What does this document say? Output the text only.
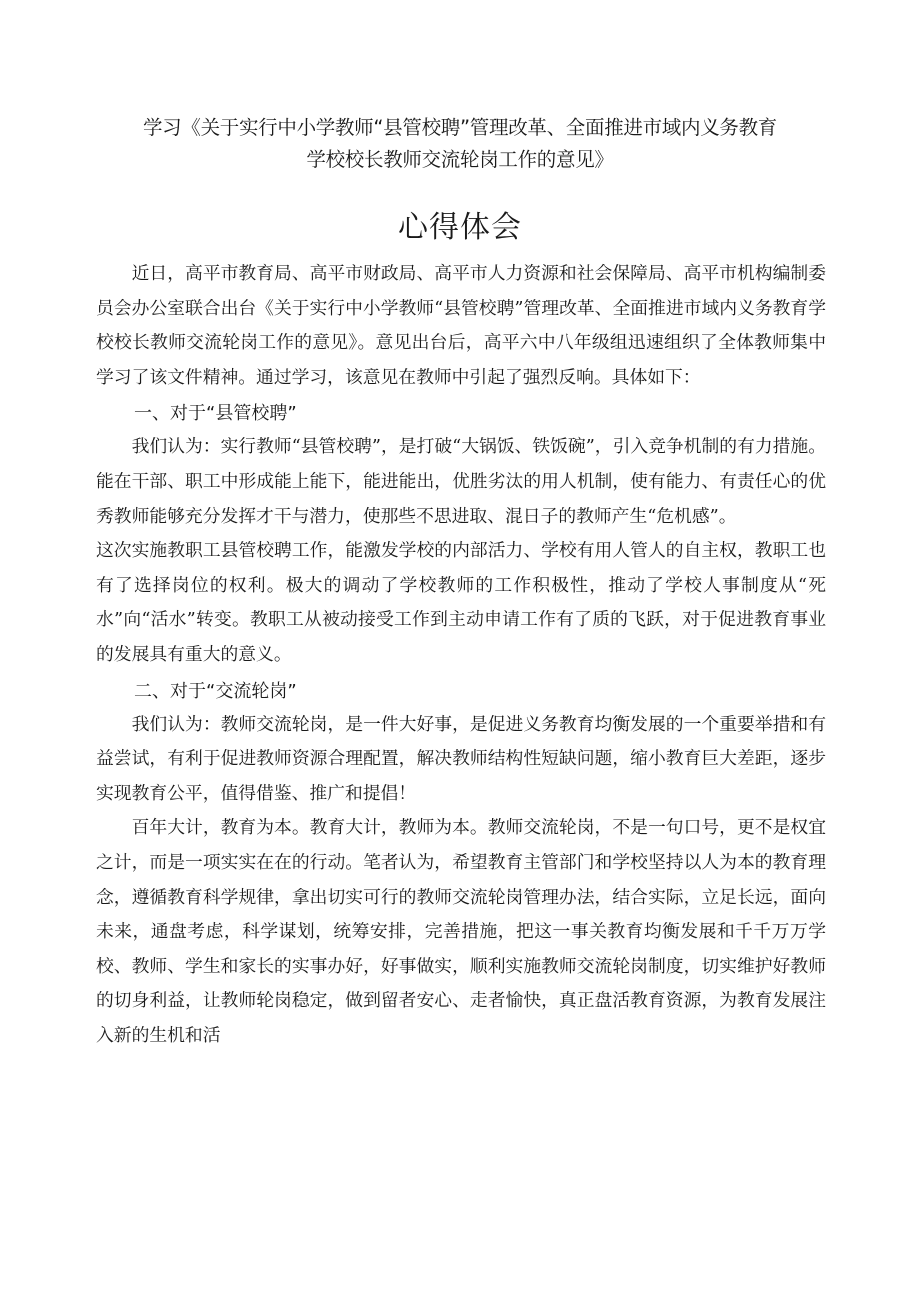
学习《关于实行中小学教师“县管校聘”管理改革、全面推进市域内义务教育
学校校长教师交流轮岗工作的意见》
心得体会

近日，高平市教育局、高平市财政局、高平市人力资源和社会保障局、高平市机构编制委员会办公室联合出台《关于实行中小学教师“县管校聘”管理改革、全面推进市域内义务教育学校校长教师交流轮岗工作的意见》。意见出台后，高平六中八年级组迅速组织了全体教师集中学习了该文件精神。通过学习，该意见在教师中引起了强烈反响。具体如下：

一、对于“县管校聘”

我们认为：实行教师“县管校聘”，是打破“大锅饭、铁饭碗”，引入竞争机制的有力措施。能在干部、职工中形成能上能下，能进能出，优胜劣汰的用人机制，使有能力、有责任心的优秀教师能够充分发挥才干与潜力，使那些不思进取、混日子的教师产生“危机感”。

这次实施教职工县管校聘工作，能激发学校的内部活力、学校有用人管人的自主权，教职工也有了选择岗位的权利。极大的调动了学校教师的工作积极性，推动了学校人事制度从“死水”向“活水”转变。教职工从被动接受工作到主动申请工作有了质的飞跃，对于促进教育事业的发展具有重大的意义。

二、对于“交流轮岗”

我们认为：教师交流轮岗，是一件大好事，是促进义务教育均衡发展的一个重要举措和有益尝试，有利于促进教师资源合理配置，解决教师结构性短缺问题，缩小教育巨大差距，逐步实现教育公平，值得借鉴、推广和提倡！

百年大计，教育为本。教育大计，教师为本。教师交流轮岗，不是一句口号，更不是权宜之计，而是一项实实在在的行动。笔者认为，希望教育主管部门和学校坚持以人为本的教育理念，遵循教育科学规律，拿出切实可行的教师交流轮岗管理办法，结合实际，立足长远，面向未来，通盘考虑，科学谋划，统筹安排，完善措施，把这一事关教育均衡发展和千千万万学校、教师、学生和家长的实事办好，好事做实，顺利实施教师交流轮岗制度，切实维护好教师的切身利益，让教师轮岗稳定，做到留者安心、走者愉快，真正盘活教育资源，为教育发展注入新的生机和活
